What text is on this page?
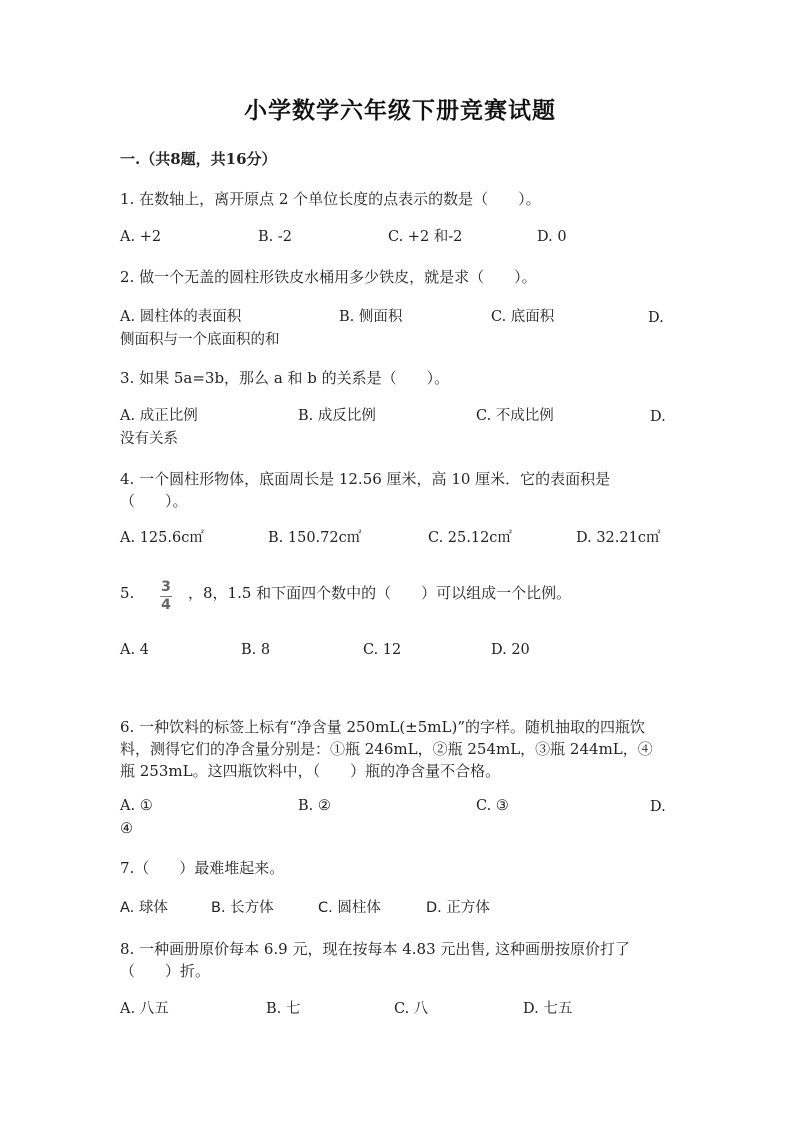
小学数学六年级下册竞赛试题
一.（共8题，共16分）
1. 在数轴上，离开原点 2 个单位长度的点表示的数是（　　）。
A. +2	B. -2	C. +2 和-2	D. 0
2. 做一个无盖的圆柱形铁皮水桶用多少铁皮，就是求（　　）。
A. 圆柱体的表面积	B. 侧面积	C. 底面积	D. 侧面积与一个底面积的和
3. 如果 5a=3b，那么 a 和 b 的关系是（　　）。
A. 成正比例	B. 成反比例	C. 不成比例	D. 没有关系
4. 一个圆柱形物体，底面周长是 12.56 厘米，高 10 厘米．它的表面积是（　　）。
A. 125.6c㎡	B. 150.72c㎡	C. 25.12c㎡	D. 32.21c㎡
5. $\frac{3}{4}$ ，8，1.5 和下面四个数中的（　　）可以组成一个比例。
A. 4	B. 8	C. 12	D. 20
6. 一种饮料的标签上标有“净含量 250mL(±5mL)”的字样。随机抽取的四瓶饮料，测得它们的净含量分别是：①瓶 246mL，②瓶 254mL，③瓶 244mL，④瓶 253mL。这四瓶饮料中，（　　）瓶的净含量不合格。
A. ①	B. ②	C. ③	D. ④
7.（　　）最难堆起来。
A. 球体	B. 长方体	C. 圆柱体	D. 正方体
8. 一种画册原价每本 6.9 元，现在按每本 4.83 元出售, 这种画册按原价打了（　　）折。
A. 八五	B. 七	C. 八	D. 七五
